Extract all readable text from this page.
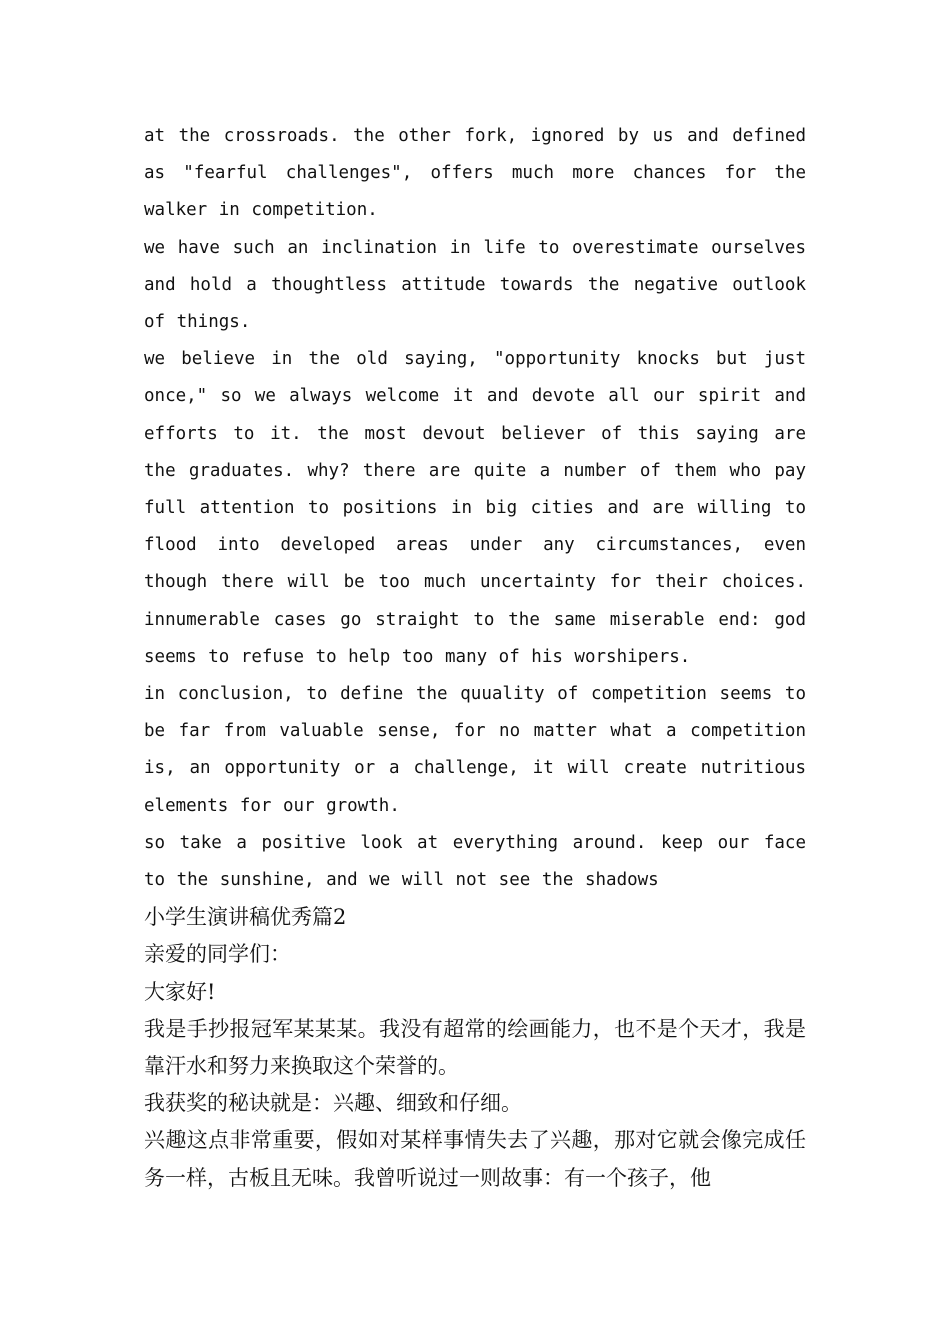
at the crossroads. the other fork, ignored by us and defined as "fearful challenges", offers much more chances for the walker in competition.

we have such an inclination in life to overestimate ourselves and hold a thoughtless attitude towards the negative outlook of things.

we believe in the old saying, "opportunity knocks but just once," so we always welcome it and devote all our spirit and efforts to it. the most devout believer of this saying are the graduates. why? there are quite a number of them who pay full attention to positions in big cities and are willing to flood into developed areas under any circumstances, even though there will be too much uncertainty for their choices. innumerable cases go straight to the same miserable end: god seems to refuse to help too many of his worshipers.

in conclusion, to define the quuality of competition seems to be far from valuable sense, for no matter what a competition is, an opportunity or a challenge, it will create nutritious elements for our growth.

so take a positive look at everything around. keep our face to the sunshine, and we will not see the shadows

小学生演讲稿优秀篇2

亲爱的同学们：

大家好!

我是手抄报冠军某某某。我没有超常的绘画能力，也不是个天才，我是靠汗水和努力来换取这个荣誉的。

我获奖的秘诀就是：兴趣、细致和仔细。

兴趣这点非常重要，假如对某样事情失去了兴趣，那对它就会像完成任务一样，古板且无味。我曾听说过一则故事：有一个孩子，他
